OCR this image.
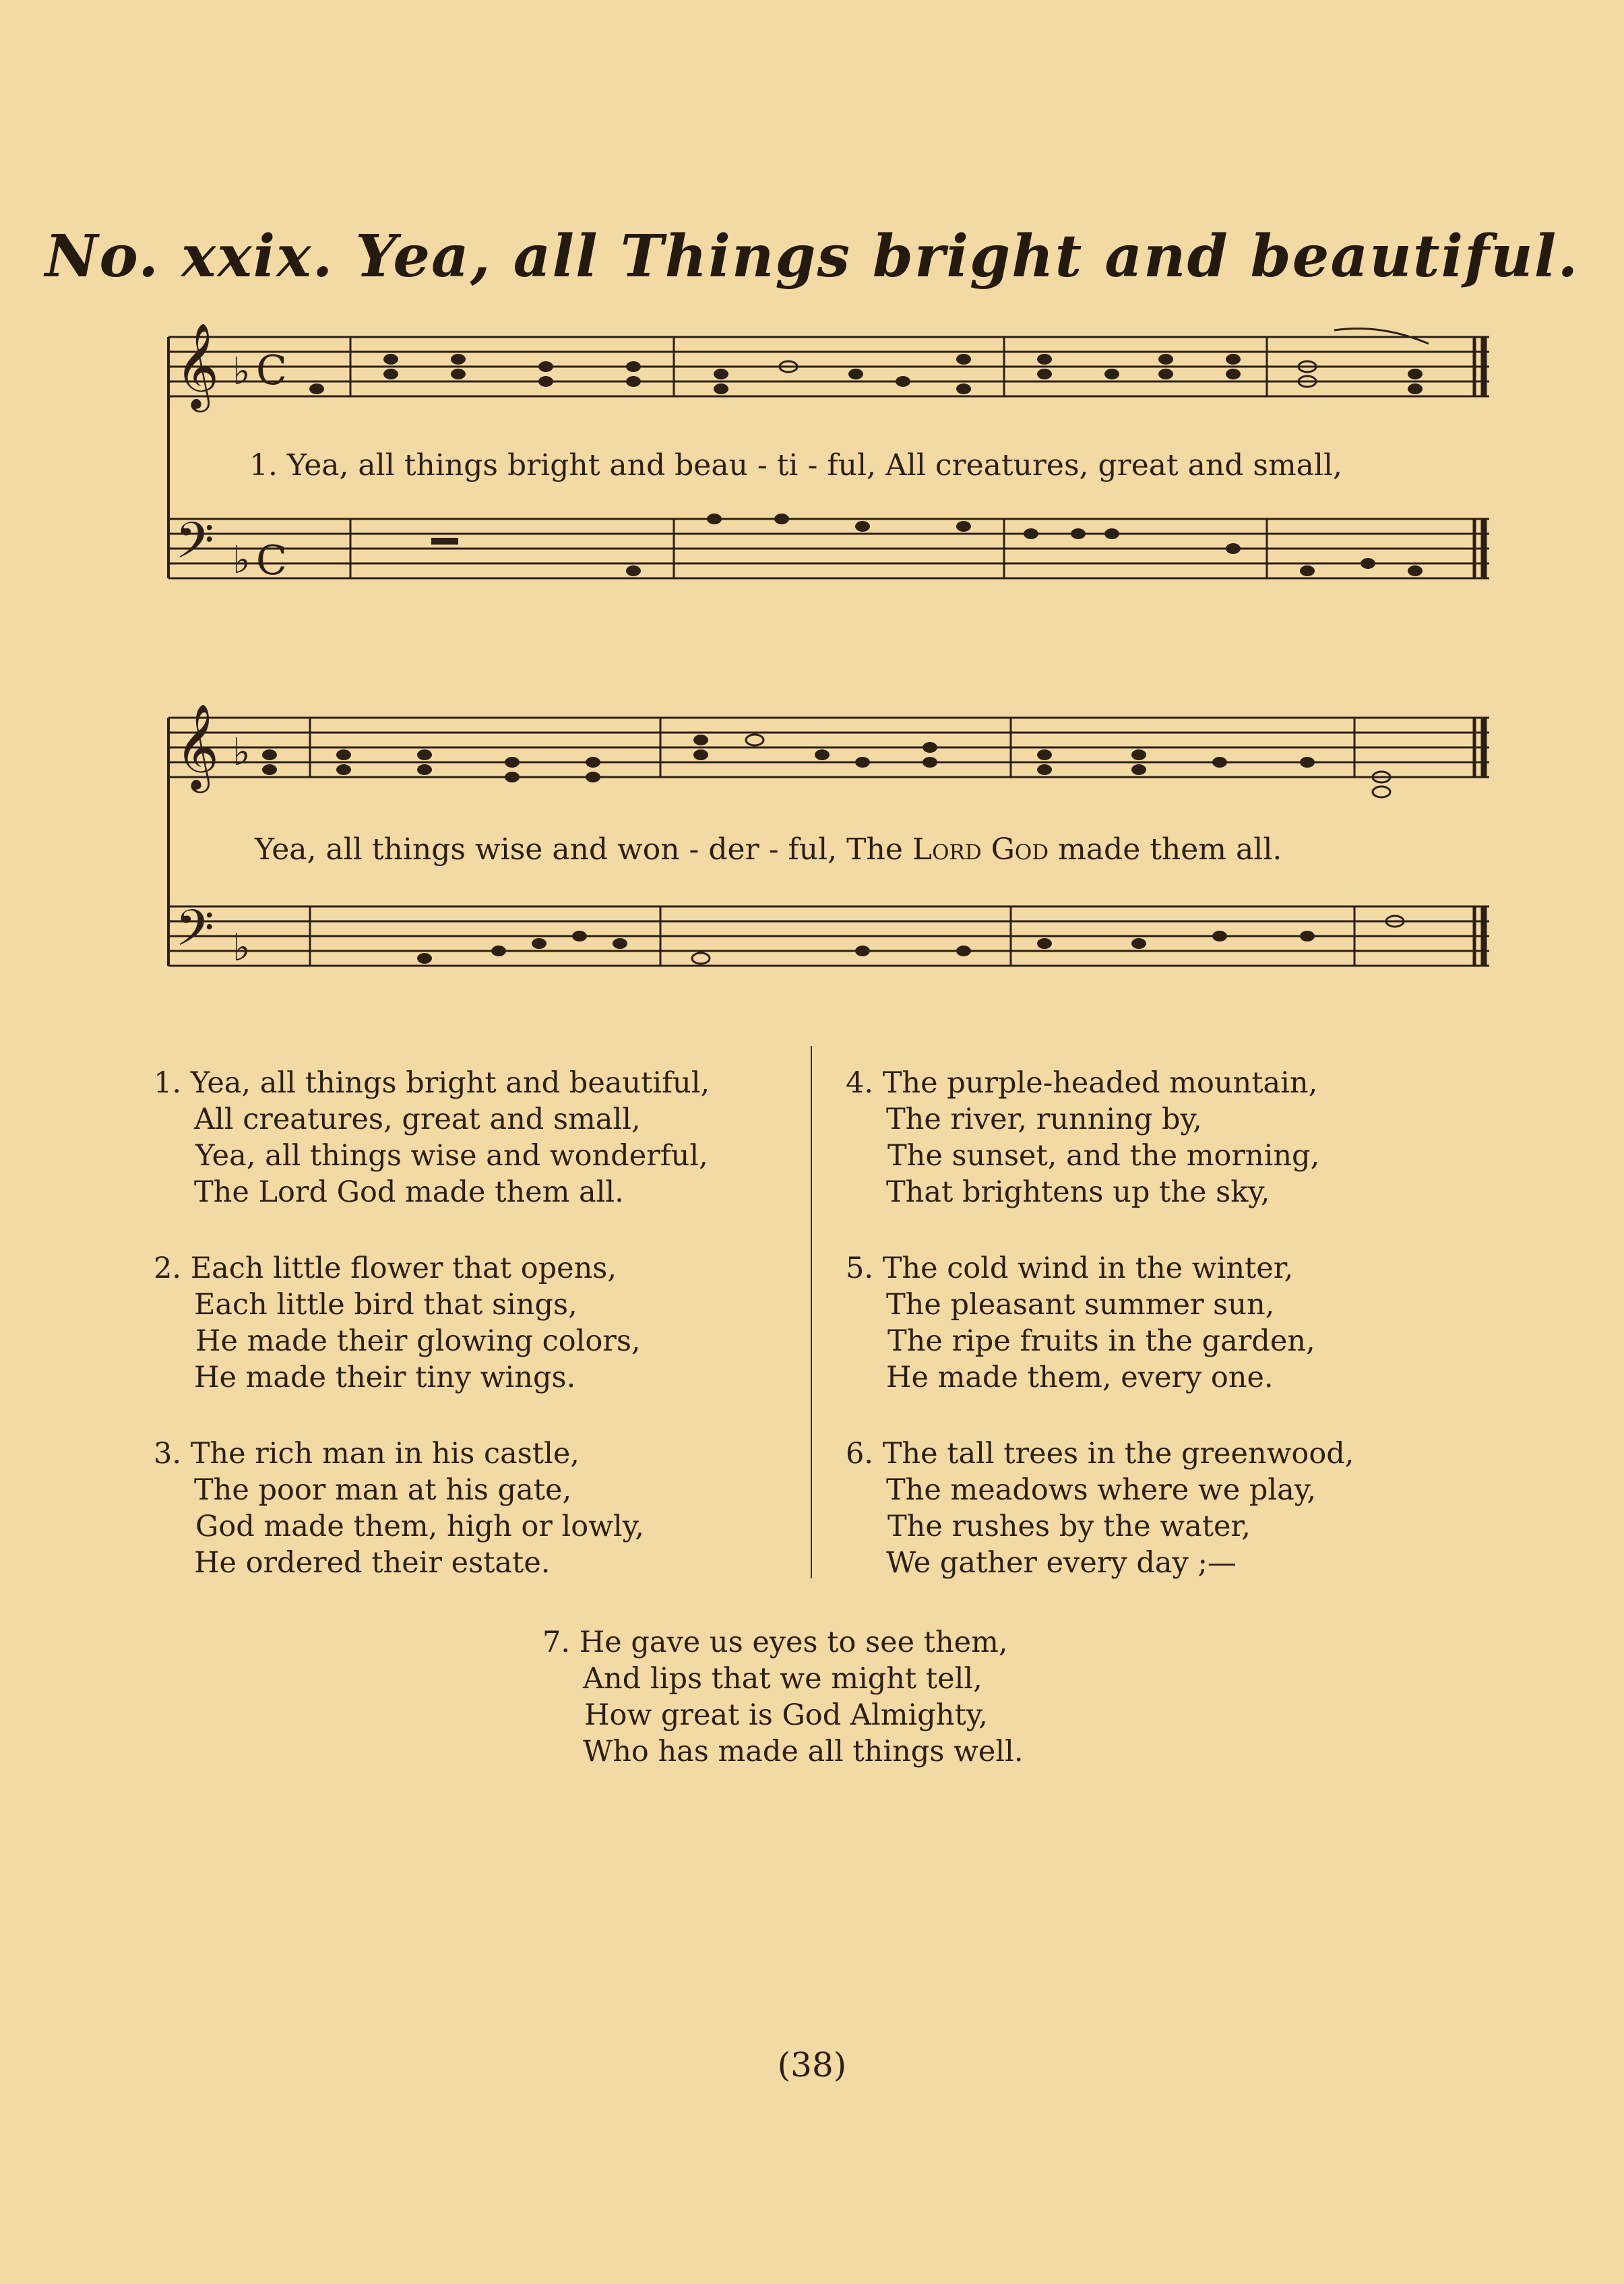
No. xxix. Yea, all Things bright and beautiful.
𝄞 ♭ C
𝄢 ♭ C
1. Yea, all things bright and beau - ti - ful, All creatures, great and small,
𝄞 ♭
𝄢 ♭
Yea, all things wise and won - der - ful, The Lord God made them all.
1. Yea, all things bright and beautiful,
All creatures, great and small,
Yea, all things wise and wonderful,
The Lord God made them all.
2. Each little flower that opens,
Each little bird that sings,
He made their glowing colors,
He made their tiny wings.
3. The rich man in his castle,
The poor man at his gate,
God made them, high or lowly,
He ordered their estate.
4. The purple-headed mountain,
The river, running by,
The sunset, and the morning,
That brightens up the sky,
5. The cold wind in the winter,
The pleasant summer sun,
The ripe fruits in the garden,
He made them, every one.
6. The tall trees in the greenwood,
The meadows where we play,
The rushes by the water,
We gather every day ;—
7. He gave us eyes to see them,
And lips that we might tell,
How great is God Almighty,
Who has made all things well.
(38)
